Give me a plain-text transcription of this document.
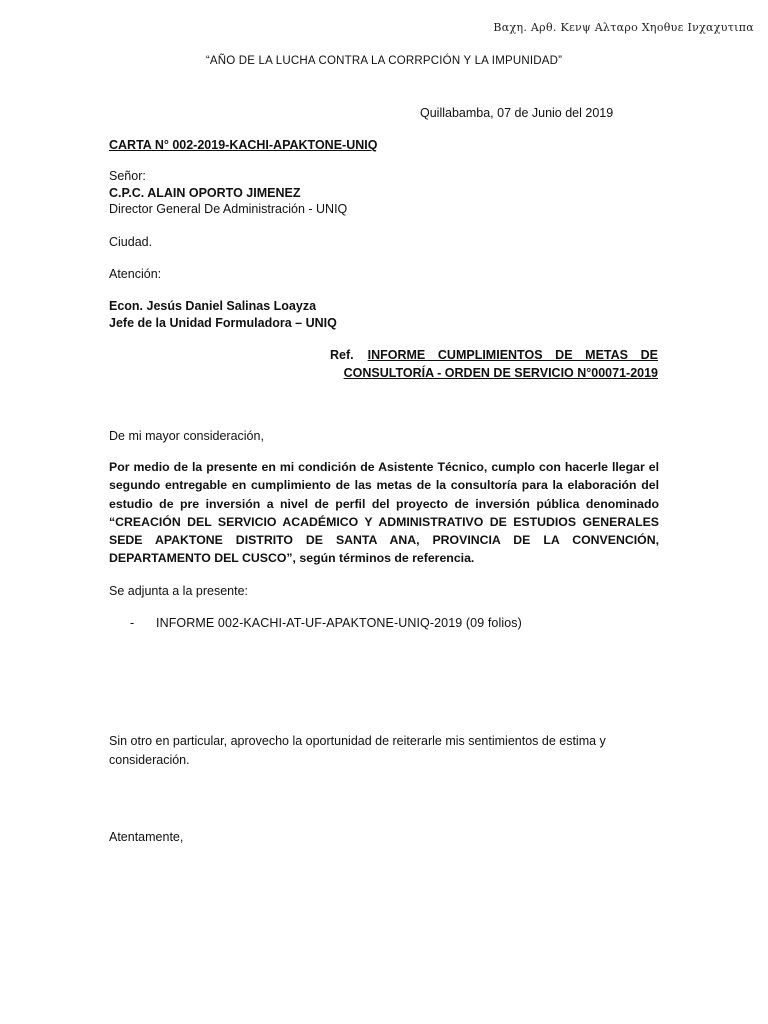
Βαχη. Αρθ. Κενψ Αλταρο Χηοθυε Ινχαχυτιπα
“AÑO DE LA LUCHA CONTRA LA CORRPCIÓN Y LA IMPUNIDAD”
Quillabamba, 07 de Junio del 2019
CARTA N° 002-2019-KACHI-APAKTONE-UNIQ
Señor:
C.P.C. ALAIN OPORTO JIMENEZ
Director General De Administración - UNIQ
Ciudad.
Atención:
Econ. Jesús Daniel Salinas Loayza
Jefe de la Unidad Formuladora – UNIQ
Ref. INFORME CUMPLIMIENTOS DE METAS DE CONSULTORÍA - ORDEN DE SERVICIO N°00071-2019
De mi mayor consideración,
Por medio de la presente en mi condición de Asistente Técnico, cumplo con hacerle llegar el segundo entregable en cumplimiento de las metas de la consultoría para la elaboración del estudio de pre inversión a nivel de perfil del proyecto de inversión pública denominado “CREACIÓN DEL SERVICIO ACADÉMICO Y ADMINISTRATIVO DE ESTUDIOS GENERALES SEDE APAKTONE DISTRITO DE SANTA ANA, PROVINCIA DE LA CONVENCIÓN, DEPARTAMENTO DEL CUSCO”, según términos de referencia.
Se adjunta a la presente:
- INFORME 002-KACHI-AT-UF-APAKTONE-UNIQ-2019 (09 folios)
Sin otro en particular, aprovecho la oportunidad de reiterarle mis sentimientos de estima y consideración.
Atentamente,
